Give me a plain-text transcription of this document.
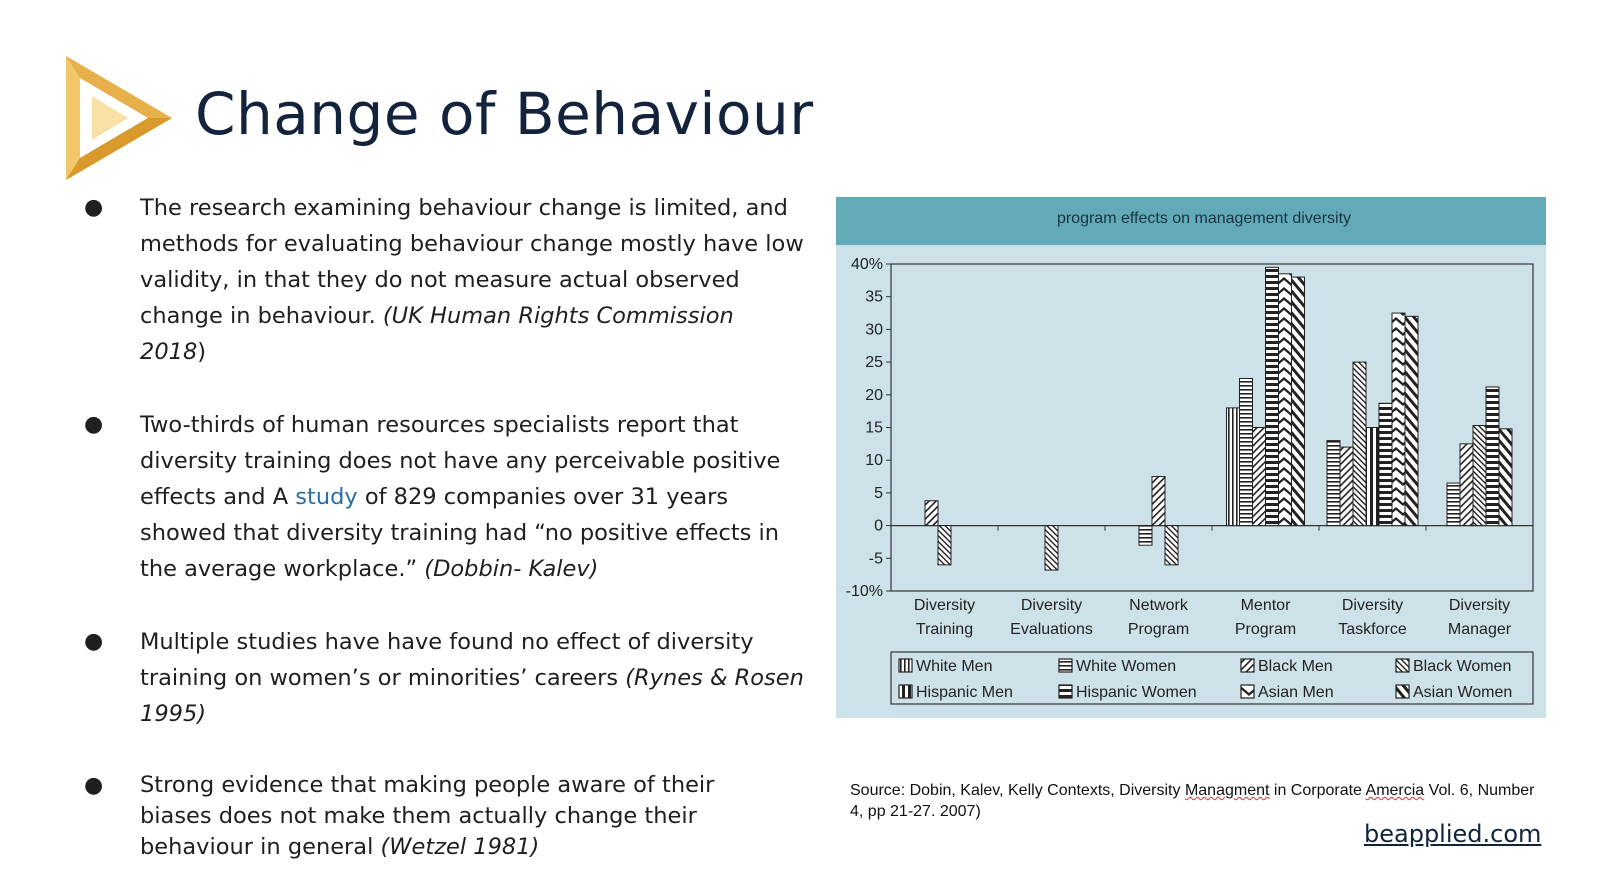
Change of Behaviour
● The research examining behaviour change is limited, and methods for evaluating behaviour change mostly have low validity, in that they do not measure actual observed change in behaviour. (UK Human Rights Commission 2018)
● Two-thirds of human resources specialists report that diversity training does not have any perceivable positive effects and A study of 829 companies over 31 years showed that diversity training had “no positive effects in the average workplace.” (Dobbin- Kalev)
● Multiple studies have have found no effect of diversity training on women’s or minorities’ careers (Rynes & Rosen 1995)
● Strong evidence that making people aware of their biases does not make them actually change their behaviour in general (Wetzel 1981)
program effects on management diversity
40%
35
30
25
20
15
10
5
0
-5
-10%
Diversity
Training
Diversity
Evaluations
Network
Program
Mentor
Program
Diversity
Taskforce
Diversity
Manager
White Men	White Women	Black Men	Black Women
Hispanic Men	Hispanic Women	Asian Men	Asian Women
Source: Dobin, Kalev, Kelly Contexts, Diversity Managment in Corporate Amercia Vol. 6, Number 4, pp 21-27. 2007)
beapplied.com
